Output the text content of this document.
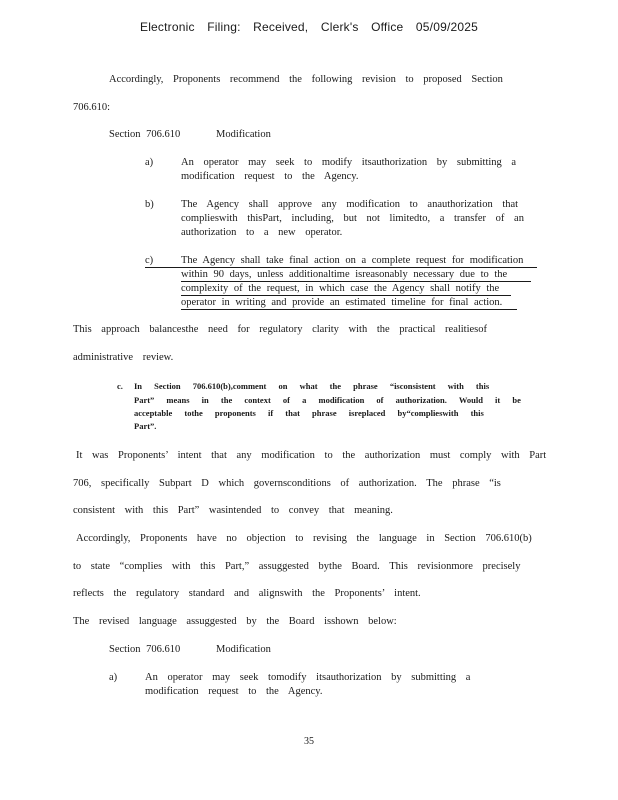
Electronic Filing: Received, Clerk's Office 05/09/2025
Accordingly, Proponents recommend the following revision to proposed Section
706.610:
Section 706.610	Modification
a)	An operator may seek to modify itsauthorization by submitting a
modification request to the Agency.
b)	The Agency shall approve any modification to anauthorization that
complieswith thisPart, including, but not limitedto, a transfer of an
authorization to a new operator.
c)	The Agency shall take final action on a complete request for modification
within 90 days, unless additionaltime isreasonably necessary due to the
complexity of the request, in which case the Agency shall notify the
operator in writing and provide an estimated timeline for final action.
This approach balancesthe need for regulatory clarity with the practical realitiesof
administrative review.
c. In Section 706.610(b),comment on what the phrase “isconsistent with this
Part” means in the context of a modification of authorization. Would it be
acceptable tothe proponents if that phrase isreplaced by“complieswith this
Part”.
It was Proponents’ intent that any modification to the authorization must comply with Part
706, specifically Subpart D which governsconditions of authorization. The phrase “is
consistent with this Part” wasintended to convey that meaning.
Accordingly, Proponents have no objection to revising the language in Section 706.610(b)
to state “complies with this Part,” assuggested bythe Board. This revisionmore precisely
reflects the regulatory standard and alignswith the Proponents’ intent.
The revised language assuggested by the Board isshown below:
Section 706.610	Modification
a)	An operator may seek tomodify itsauthorization by submitting a
modification request to the Agency.
35
